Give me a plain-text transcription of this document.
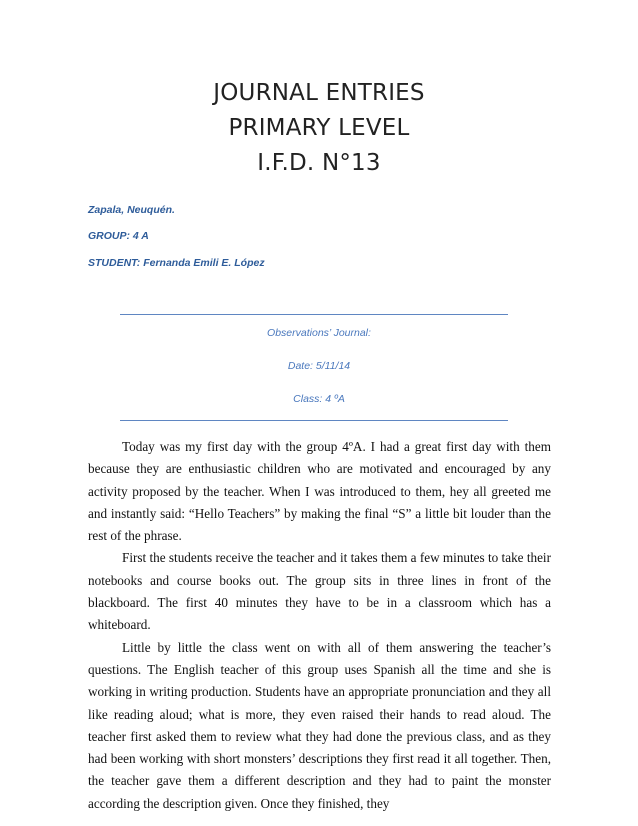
JOURNAL ENTRIES
PRIMARY LEVEL
I.F.D. N°13
Zapala, Neuquén.
GROUP: 4 A
STUDENT: Fernanda Emili E. López
Observations’ Journal:
Date: 5/11/14
Class: 4 ºA

Today was my first day with the group 4ºA. I had a great first day with them because they are enthusiastic children who are motivated and encouraged by any activity proposed by the teacher. When I was introduced to them, hey all greeted me and instantly said: “Hello Teachers” by making the final “S” a little bit louder than the rest of the phrase.

First the students receive the teacher and it takes them a few minutes to take their notebooks and course books out. The group sits in three lines in front of the blackboard. The first 40 minutes they have to be in a classroom which has a whiteboard.

Little by little the class went on with all of them answering the teacher’s questions. The English teacher of this group uses Spanish all the time and she is working in writing production. Students have an appropriate pronunciation and they all like reading aloud; what is more, they even raised their hands to read aloud. The teacher first asked them to review what they had done the previous class, and as they had been working with short monsters’ descriptions they first read it all together. Then, the teacher gave them a different description and they had to paint the monster according the description given. Once they finished, they
